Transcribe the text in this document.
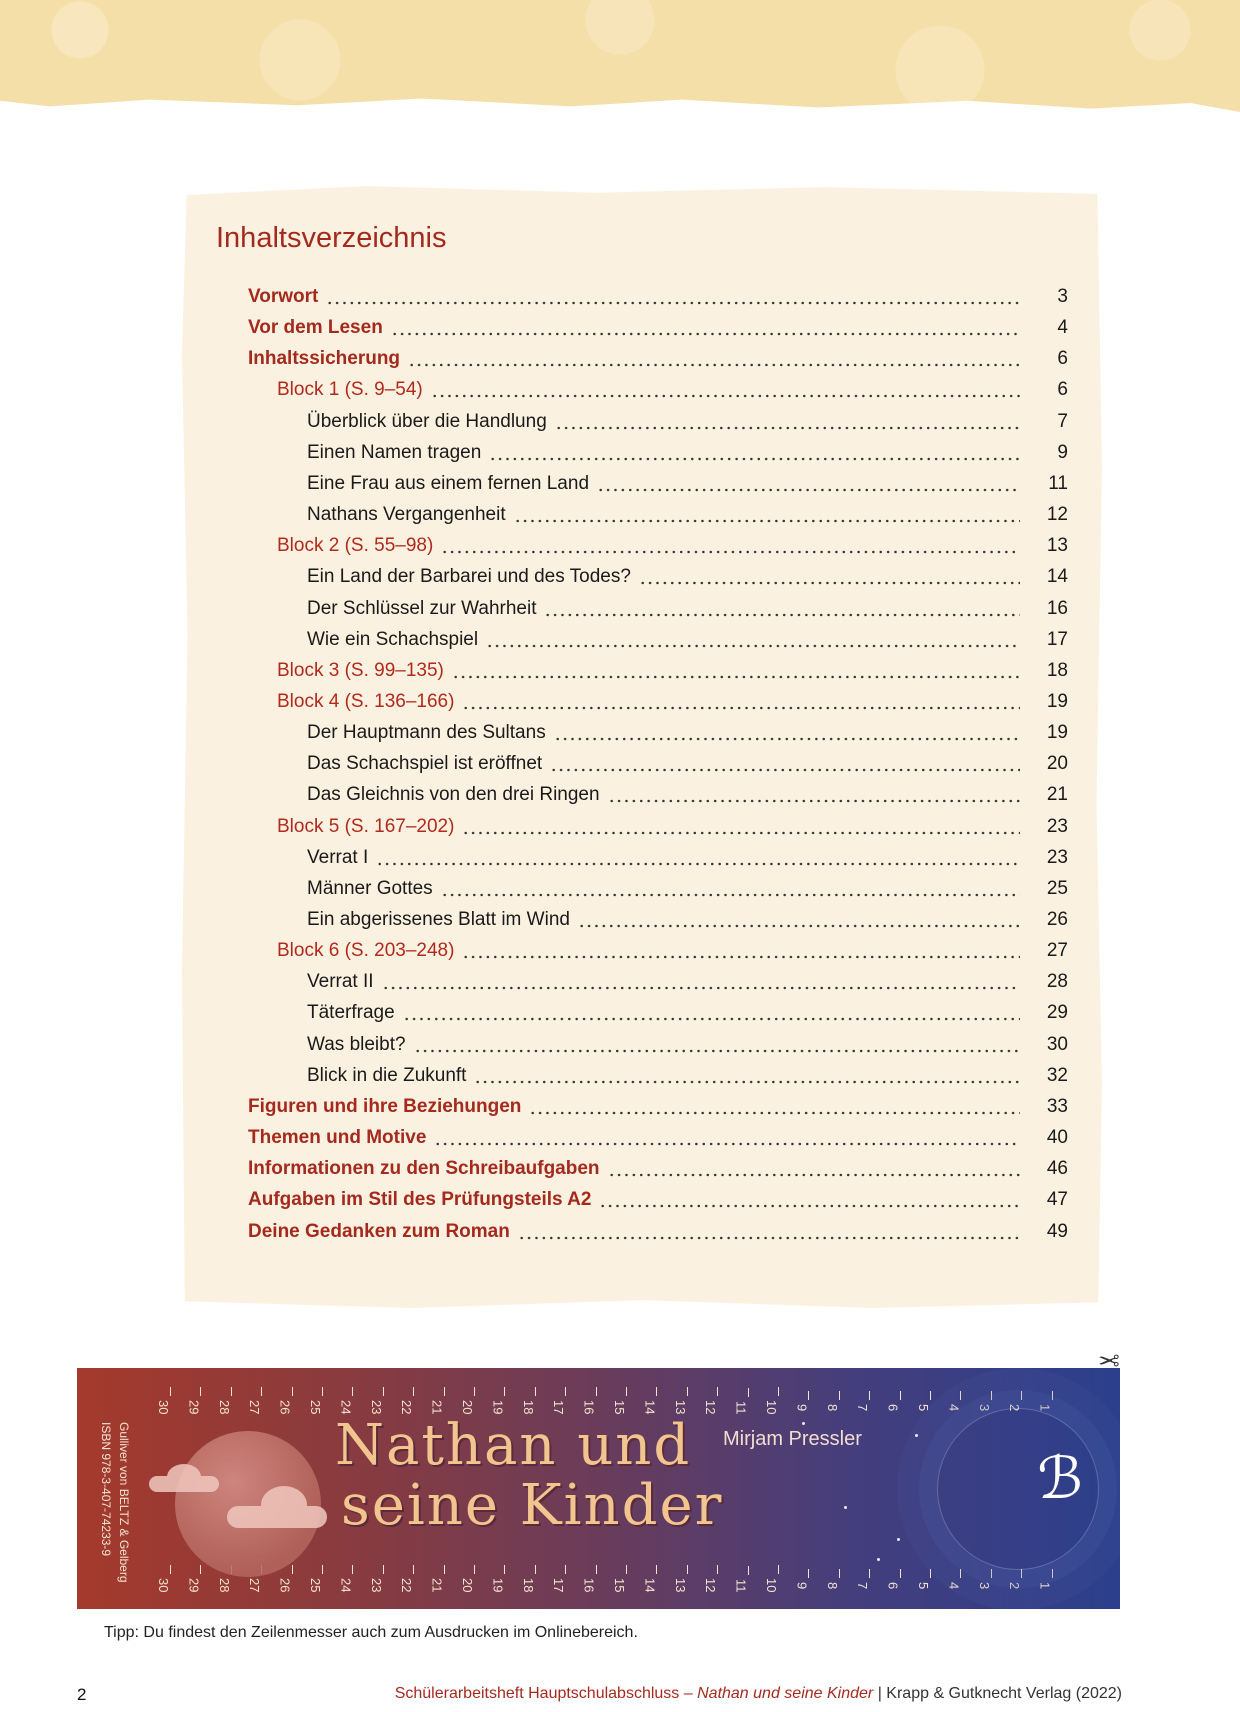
Inhaltsverzeichnis
Vorwort	3
Vor dem Lesen	4
Inhaltssicherung	6
Block 1 (S. 9–54)	6
Überblick über die Handlung	7
Einen Namen tragen	9
Eine Frau aus einem fernen Land	11
Nathans Vergangenheit	12
Block 2 (S. 55–98)	13
Ein Land der Barbarei und des Todes?	14
Der Schlüssel zur Wahrheit	16
Wie ein Schachspiel	17
Block 3 (S. 99–135)	18
Block 4 (S. 136–166)	19
Der Hauptmann des Sultans	19
Das Schachspiel ist eröffnet	20
Das Gleichnis von den drei Ringen	21
Block 5 (S. 167–202)	23
Verrat I	23
Männer Gottes	25
Ein abgerissenes Blatt im Wind	26
Block 6 (S. 203–248)	27
Verrat II	28
Täterfrage	29
Was bleibt?	30
Blick in die Zukunft	32
Figuren und ihre Beziehungen	33
Themen und Motive	40
Informationen zu den Schreibaufgaben	46
Aufgaben im Stil des Prüfungsteils A2	47
Deine Gedanken zum Roman	49
30 29 28 27 26 25 24 23 22 21 20 19 18 17 16 15 14 13 12 11 10 9 8 7 6 5 4 3 2 1
30 29 28 27 26 25 24 23 22 21 20 19 18 17 16 15 14 13 12 11 10 9 8 7 6 5 4 3 2 1
Gulliver von BELTZ & Gelberg
ISBN 978-3-407-74233-9	Nathan und
seine Kinder

Mirjam Pressler

ℬ
✂

Tipp: Du findest den Zeilenmesser auch zum Ausdrucken im Onlinebereich.

2	Schülerarbeitsheft Hauptschulabschluss – Nathan und seine Kinder | Krapp & Gutknecht Verlag (2022)
